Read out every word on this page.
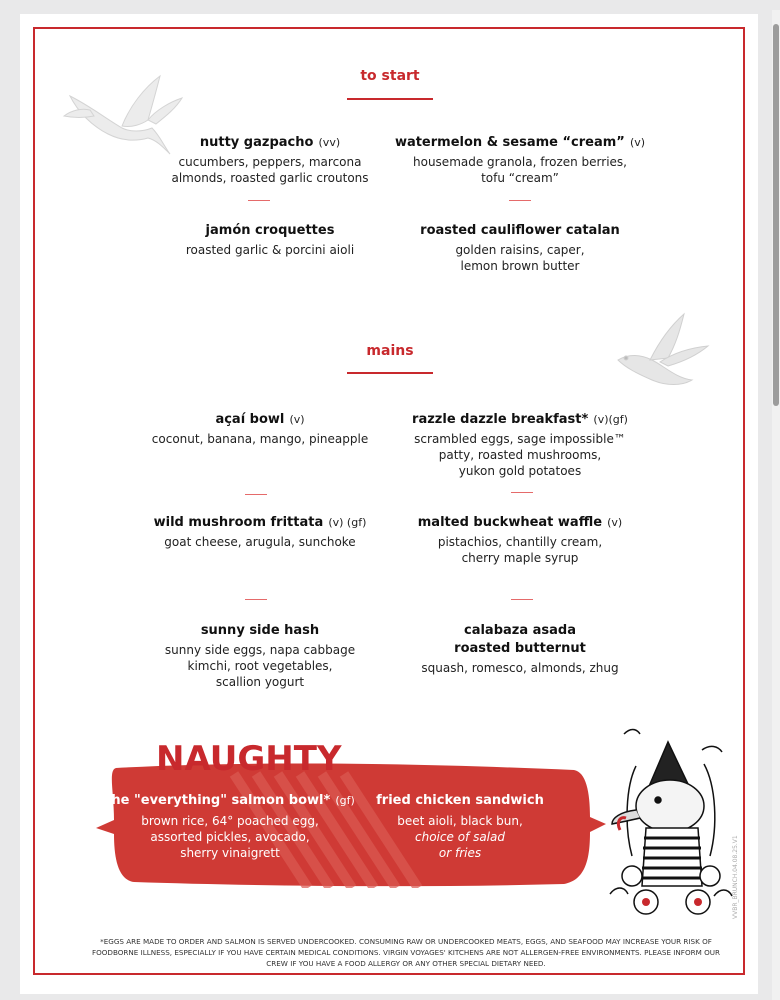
to start
nutty gazpacho (vv)
cucumbers, peppers, marcona
almonds, roasted garlic croutons
watermelon & sesame “cream” (v)
housemade granola, frozen berries,
tofu “cream”
jamón croquettes
roasted garlic & porcini aioli
roasted cauliflower catalan
golden raisins, caper,
lemon brown butter
mains
açaí bowl (v)
coconut, banana, mango, pineapple
razzle dazzle breakfast* (v)(gf)
scrambled eggs, sage impossible™
patty, roasted mushrooms,
yukon gold potatoes
wild mushroom frittata (v) (gf)
goat cheese, arugula, sunchoke
malted buckwheat waffle (v)
pistachios, chantilly cream,
cherry maple syrup
sunny side hash
sunny side eggs, napa cabbage
kimchi, root vegetables,
scallion yogurt
calabaza asada
roasted butternut
squash, romesco, almonds, zhug
NAUGHTY
the "everything" salmon bowl* (gf)
brown rice, 64° poached egg,
assorted pickles, avocado,
sherry vinaigrett
fried chicken sandwich
beet aioli, black bun,
choice of salad
or fries	VVBR_BRUNCH.04.08.25.V1
*EGGS ARE MADE TO ORDER AND SALMON IS SERVED UNDERCOOKED. CONSUMING RAW OR UNDERCOOKED MEATS, EGGS, AND SEAFOOD MAY INCREASE YOUR RISK OF FOODBORNE ILLNESS, ESPECIALLY IF YOU HAVE CERTAIN MEDICAL CONDITIONS. VIRGIN VOYAGES' KITCHENS ARE NOT ALLERGEN-FREE ENVIRONMENTS. PLEASE INFORM OUR CREW IF YOU HAVE A FOOD ALLERGY OR ANY OTHER SPECIAL DIETARY NEED.
